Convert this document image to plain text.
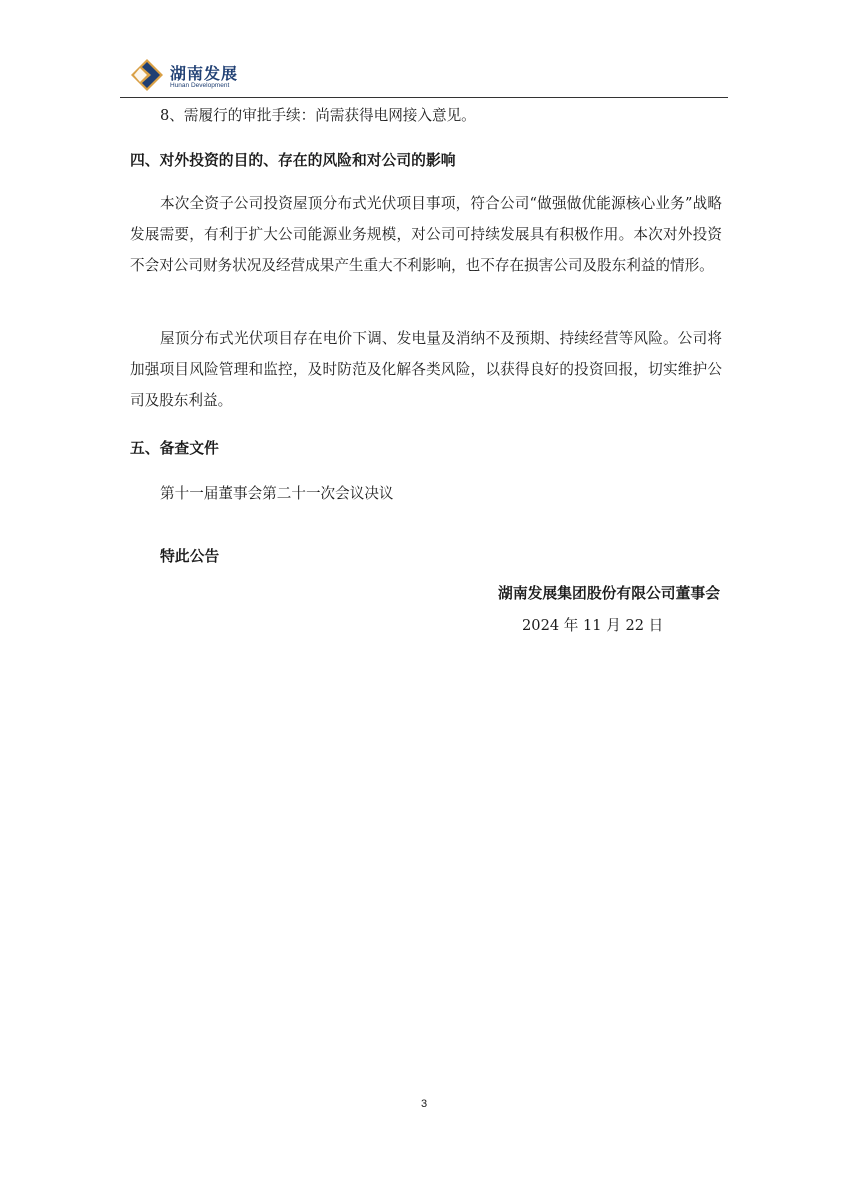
湖南发展
Hunan Development

8、需履行的审批手续：尚需获得电网接入意见。

四、对外投资的目的、存在的风险和对公司的影响

本次全资子公司投资屋顶分布式光伏项目事项，符合公司“做强做优能源核心业务”战略发展需要，有利于扩大公司能源业务规模，对公司可持续发展具有积极作用。本次对外投资不会对公司财务状况及经营成果产生重大不利影响，也不存在损害公司及股东利益的情形。

屋顶分布式光伏项目存在电价下调、发电量及消纳不及预期、持续经营等风险。公司将加强项目风险管理和监控，及时防范及化解各类风险，以获得良好的投资回报，切实维护公司及股东利益。

五、备查文件

第十一届董事会第二十一次会议决议

特此公告
湖南发展集团股份有限公司董事会
2024 年 11 月 22 日
3
